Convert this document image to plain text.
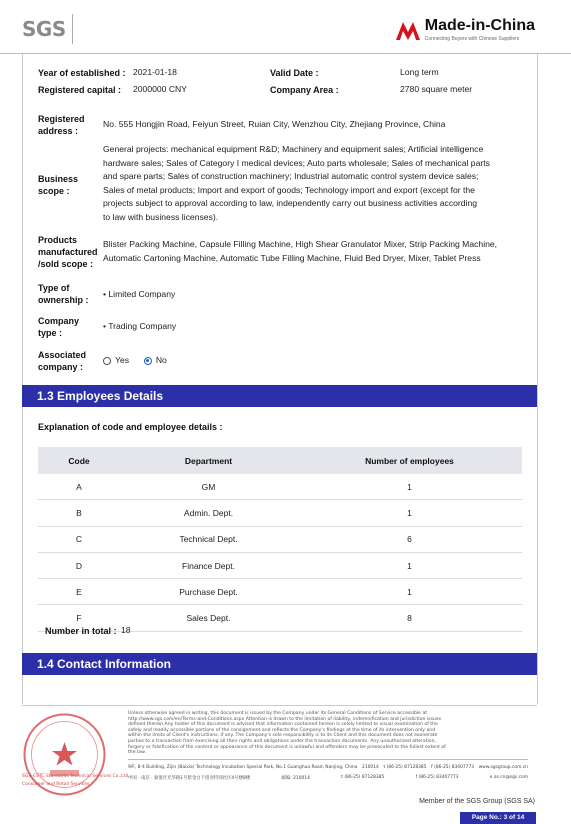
SGS	Made-in-China
Connecting Buyers with Chinese Suppliers
Year of established : 2021-01-18	Valid Date :	Long term
Registered capital : 2000000 CNY	Company Area :	2780 square meter
Registered
address :
No. 555 Hongjin Road, Feiyun Street, Ruian City, Wenzhou City, Zhejiang Province, China
Business
scope :
General projects: mechanical equipment R&D; Machinery and equipment sales; Artificial intelligence
hardware sales; Sales of Category I medical devices; Auto parts wholesale; Sales of mechanical parts
and spare parts; Sales of construction machinery; Industrial automatic control system device sales;
Sales of metal products; Import and export of goods; Technology import and export (except for the
projects subject to approval according to law, independently carry out business activities according
to law with business licenses).
Products
manufactured
/sold scope :
Blister Packing Machine, Capsule Filling Machine, High Shear Granulator Mixer, Strip Packing Machine,
Automatic Cartoning Machine, Automatic Tube Filling Machine, Fluid Bed Dryer, Mixer, Tablet Press
Type of
ownership :
• Limited Company
Company
type :
• Trading Company
Associated
company :
Yes	No
1.3 Employees Details
Explanation of code and employee details :
Code	Department	Number of employees
A	GM	1
B	Admin. Dept.	1
C	Technical Dept.	6
D	Finance Dept.	1
E	Purchase Dept.	1
F	Sales Dept.	8
Number in total : 18
1.4 Contact Information
Unless otherwise agreed in writing, this document is issued by the Company under its General Conditions of Service accessible at
http://www.sgs.com/en/Terms-and-Conditions.aspx Attention is drawn to the limitation of liability, indemnification and jurisdiction issues
defined therein.Any holder of this document is advised that information contained hereon is solely limited to visual examination of the
safely and readily accessible portions of the consignment and reflects the Company's findings at the time of its intervention only and
within the limits of Client's instructions, if any. The Company's sole responsibility is to its Client and this document does not exonerate
parties to a transaction from exercising all their rights and obligations under the transaction documents. Any unauthorized alteration,
forgery or falsification of the content or appearance of this document is unlawful and offenders may be prosecuted to the fullest extent of
the law.
9/F, 8-4 Building, Zijin (Baixia) Technology Incubation Special Park, No.1 Guanghua Road, Nanjing, China 210014 t (86-25) 87128385 f (86-25) 83407773 www.sgsgroup.com.cn
中国 · 南京 · 秦淮区光华路1号紫金白下创业特别社区4号楼8楼	邮编: 210014	t (86-25) 87128385	f (86-25) 83407773	e as.cn@sgs.com
SGS-CSTC Standards Technical Services Co.,Ltd.
Consumer and Retail Services
Member of the SGS Group (SGS SA)
Page No.: 3 of 14
